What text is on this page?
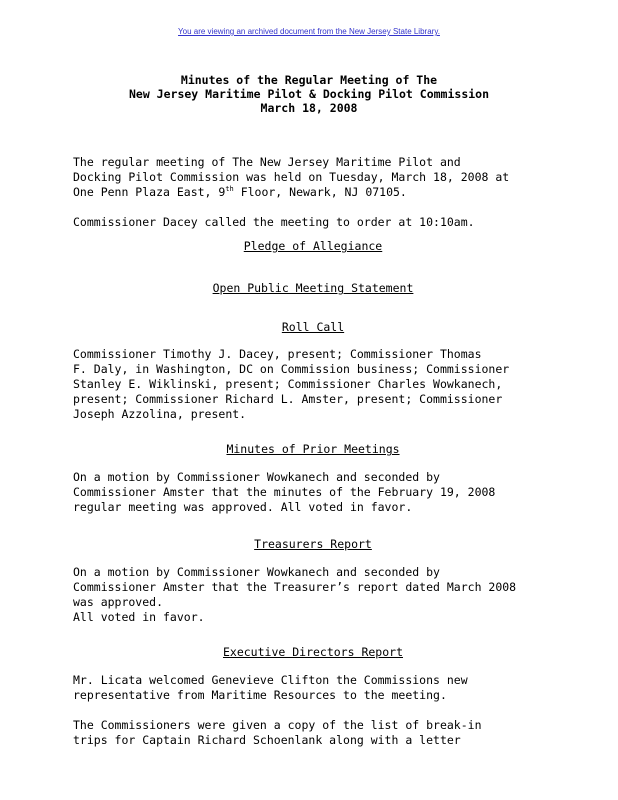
You are viewing an archived document from the New Jersey State Library.
Minutes of the Regular Meeting of The
New Jersey Maritime Pilot & Docking Pilot Commission
March 18, 2008

The regular meeting of The New Jersey Maritime Pilot and
Docking Pilot Commission was held on Tuesday, March 18, 2008 at
One Penn Plaza East, 9th Floor, Newark, NJ 07105.

Commissioner Dacey called the meeting to order at 10:10am.

Pledge of Allegiance

Open Public Meeting Statement

Roll Call

Commissioner Timothy J. Dacey, present; Commissioner Thomas
F. Daly, in Washington, DC on Commission business; Commissioner
Stanley E. Wiklinski, present; Commissioner Charles Wowkanech,
present; Commissioner Richard L. Amster, present; Commissioner
Joseph Azzolina, present.

Minutes of Prior Meetings

On a motion by Commissioner Wowkanech and seconded by
Commissioner Amster that the minutes of the February 19, 2008
regular meeting was approved. All voted in favor.

Treasurers Report

On a motion by Commissioner Wowkanech and seconded by
Commissioner Amster that the Treasurer’s report dated March 2008
was approved.
All voted in favor.

Executive Directors Report

Mr. Licata welcomed Genevieve Clifton the Commissions new
representative from Maritime Resources to the meeting.

The Commissioners were given a copy of the list of break-in
trips for Captain Richard Schoenlank along with a letter
